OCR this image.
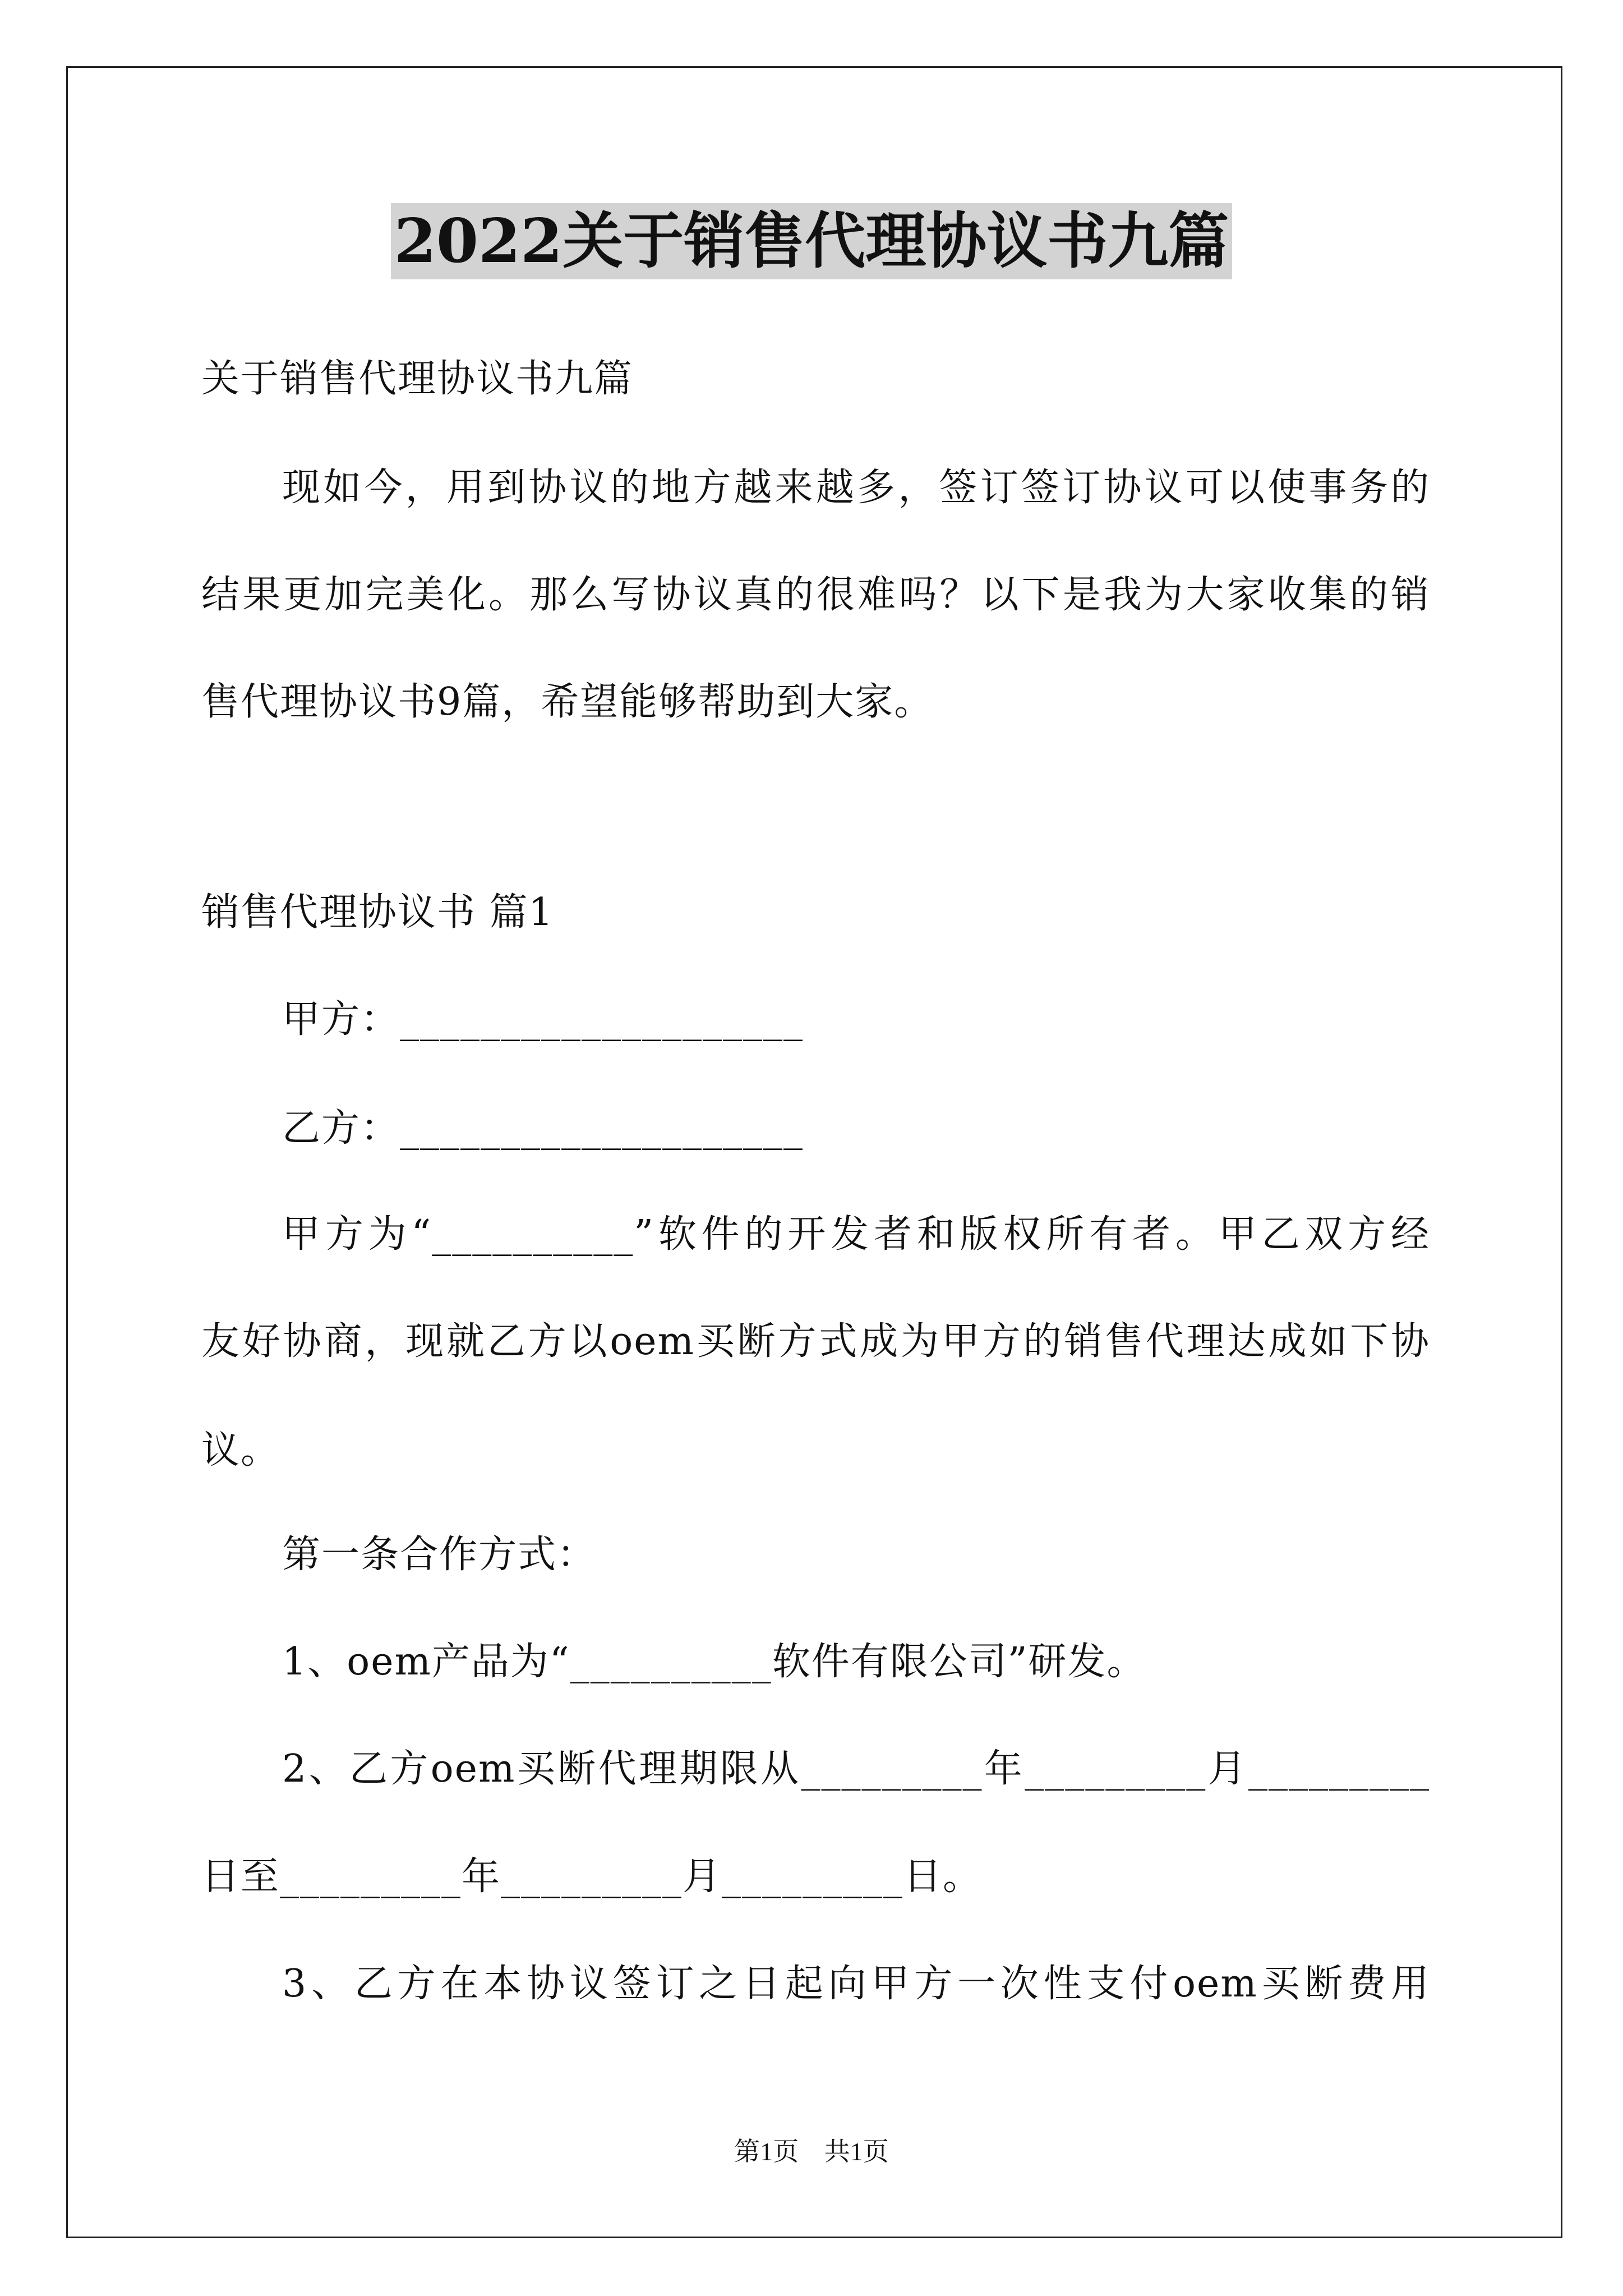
2022关于销售代理协议书九篇
关于销售代理协议书九篇
现如今，用到协议的地方越来越多，签订签订协议可以使事务的
结果更加完美化。那么写协议真的很难吗？以下是我为大家收集的销
售代理协议书9篇，希望能够帮助到大家。
销售代理协议书 篇1
甲方：____________________
乙方：____________________
甲方为“__________”软件的开发者和版权所有者。甲乙双方经
友好协商，现就乙方以oem买断方式成为甲方的销售代理达成如下协
议。
第一条合作方式：
1、oem产品为“__________软件有限公司”研发。
2、乙方oem买断代理期限从_________年_________月_________
日至_________年_________月_________日。
3、乙方在本协议签订之日起向甲方一次性支付oem买断费用
第1页 共1页
